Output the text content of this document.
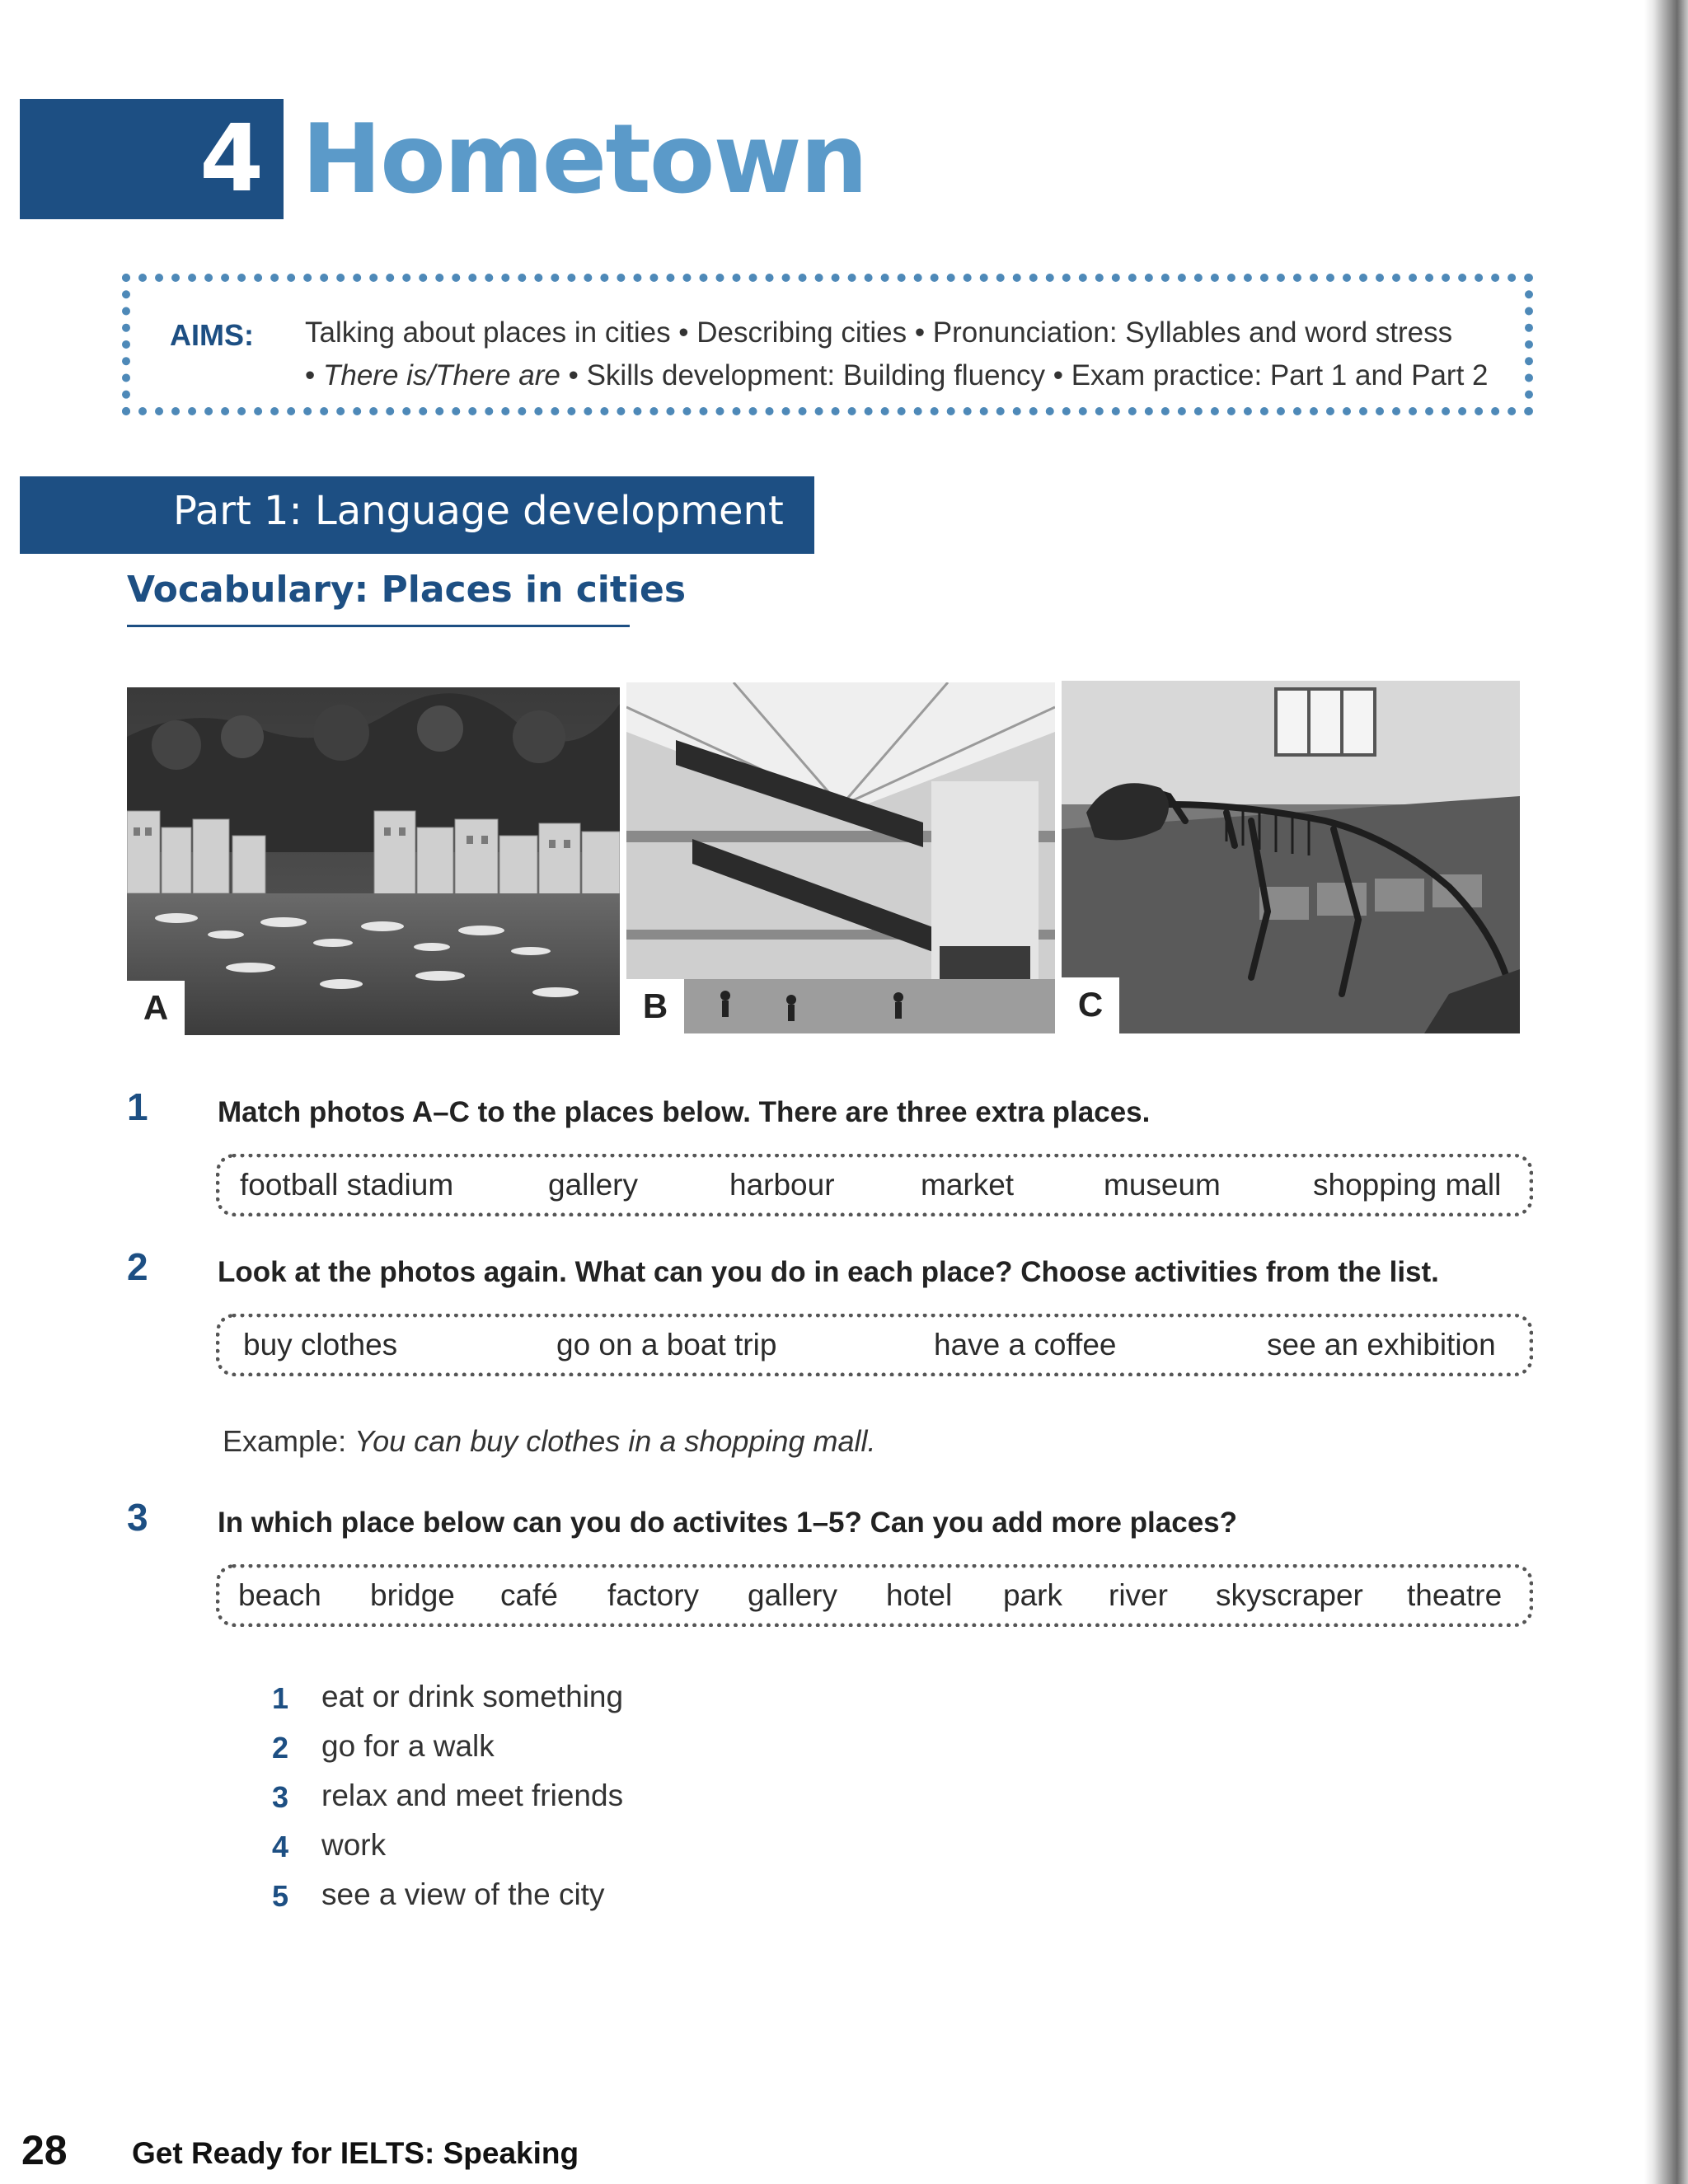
4 Hometown
AIMS: Talking about places in cities • Describing cities • Pronunciation: Syllables and word stress
• There is/There are • Skills development: Building fluency • Exam practice: Part 1 and Part 2
Part 1: Language development
Vocabulary: Places in cities
A	B	C
1 Match photos A–C to the places below. There are three extra places.
football stadium	gallery	harbour	market	museum	shopping mall
2 Look at the photos again. What can you do in each place? Choose activities from the list.
buy clothes	go on a boat trip	have a coffee	see an exhibition
Example: You can buy clothes in a shopping mall.
3 In which place below can you do activites 1–5? Can you add more places?
beach bridge café factory gallery hotel park river skyscraper theatre
1 eat or drink something
2 go for a walk
3 relax and meet friends
4 work
5 see a view of the city
28 Get Ready for IELTS: Speaking
